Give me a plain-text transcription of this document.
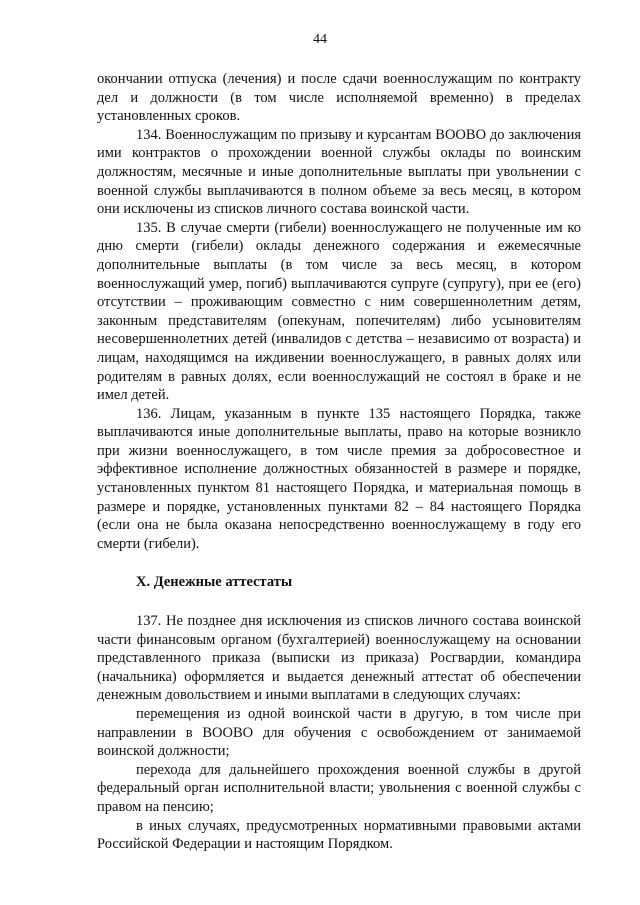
44

окончании отпуска (лечения) и после сдачи военнослужащим по контракту дел и должности (в том числе исполняемой временно) в пределах установленных сроков.

134. Военнослужащим по призыву и курсантам ВООВО до заключения ими контрактов о прохождении военной службы оклады по воинским должностям, месячные и иные дополнительные выплаты при увольнении с военной службы выплачиваются в полном объеме за весь месяц, в котором они исключены из списков личного состава воинской части.

135. В случае смерти (гибели) военнослужащего не полученные им ко дню смерти (гибели) оклады денежного содержания и ежемесячные дополнительные выплаты (в том числе за весь месяц, в котором военнослужащий умер, погиб) выплачиваются супруге (супругу), при ее (его) отсутствии – проживающим совместно с ним совершеннолетним детям, законным представителям (опекунам, попечителям) либо усыновителям несовершеннолетних детей (инвалидов с детства – независимо от возраста) и лицам, находящимся на иждивении военнослужащего, в равных долях или родителям в равных долях, если военнослужащий не состоял в браке и не имел детей.

136. Лицам, указанным в пункте 135 настоящего Порядка, также выплачиваются иные дополнительные выплаты, право на которые возникло при жизни военнослужащего, в том числе премия за добросовестное и эффективное исполнение должностных обязанностей в размере и порядке, установленных пунктом 81 настоящего Порядка, и материальная помощь в размере и порядке, установленных пунктами 82 – 84 настоящего Порядка (если она не была оказана непосредственно военнослужащему в году его смерти (гибели).

X. Денежные аттестаты

137. Не позднее дня исключения из списков личного состава воинской части финансовым органом (бухгалтерией) военнослужащему на основании представленного приказа (выписки из приказа) Росгвардии, командира (начальника) оформляется и выдается денежный аттестат об обеспечении денежным довольствием и иными выплатами в следующих случаях:

перемещения из одной воинской части в другую, в том числе при направлении в ВООВО для обучения с освобождением от занимаемой воинской должности;

перехода для дальнейшего прохождения военной службы в другой федеральный орган исполнительной власти; увольнения с военной службы с правом на пенсию;

в иных случаях, предусмотренных нормативными правовыми актами Российской Федерации и настоящим Порядком.
